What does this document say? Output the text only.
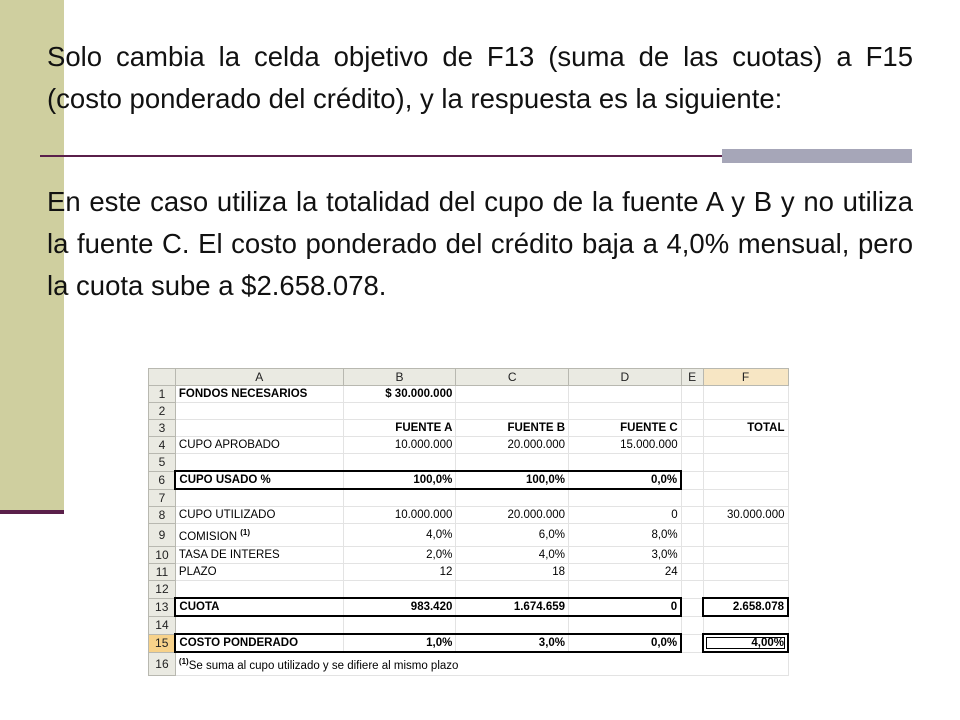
Solo cambia la celda objetivo de F13 (suma de las cuotas) a F15 (costo ponderado del crédito), y la respuesta es la siguiente:

En este caso utiliza la totalidad del cupo de la fuente A y B y no utiliza la fuente C. El costo ponderado del crédito baja a 4,0% mensual, pero la cuota sube a $2.658.078.

	A	B	C	D	E	F
1	FONDOS NECESARIOS	$ 30.000.000				
2						
3		FUENTE A	FUENTE B	FUENTE C		TOTAL
4	CUPO APROBADO	10.000.000	20.000.000	15.000.000		
5						
6	CUPO USADO %	100,0%	100,0%	0,0%		
7						
8	CUPO UTILIZADO	10.000.000	20.000.000	0		30.000.000
9	COMISION $^{(1)}$	4,0%	6,0%	8,0%		
10	TASA DE INTERES	2,0%	4,0%	3,0%		
11	PLAZO	12	18	24		
12						
13	CUOTA	983.420	1.674.659	0		2.658.078
14						
15	COSTO PONDERADO	1,0%	3,0%	0,0%		4,00%
16	$^{(1)}$Se suma al cupo utilizado y se difiere al mismo plazo					
